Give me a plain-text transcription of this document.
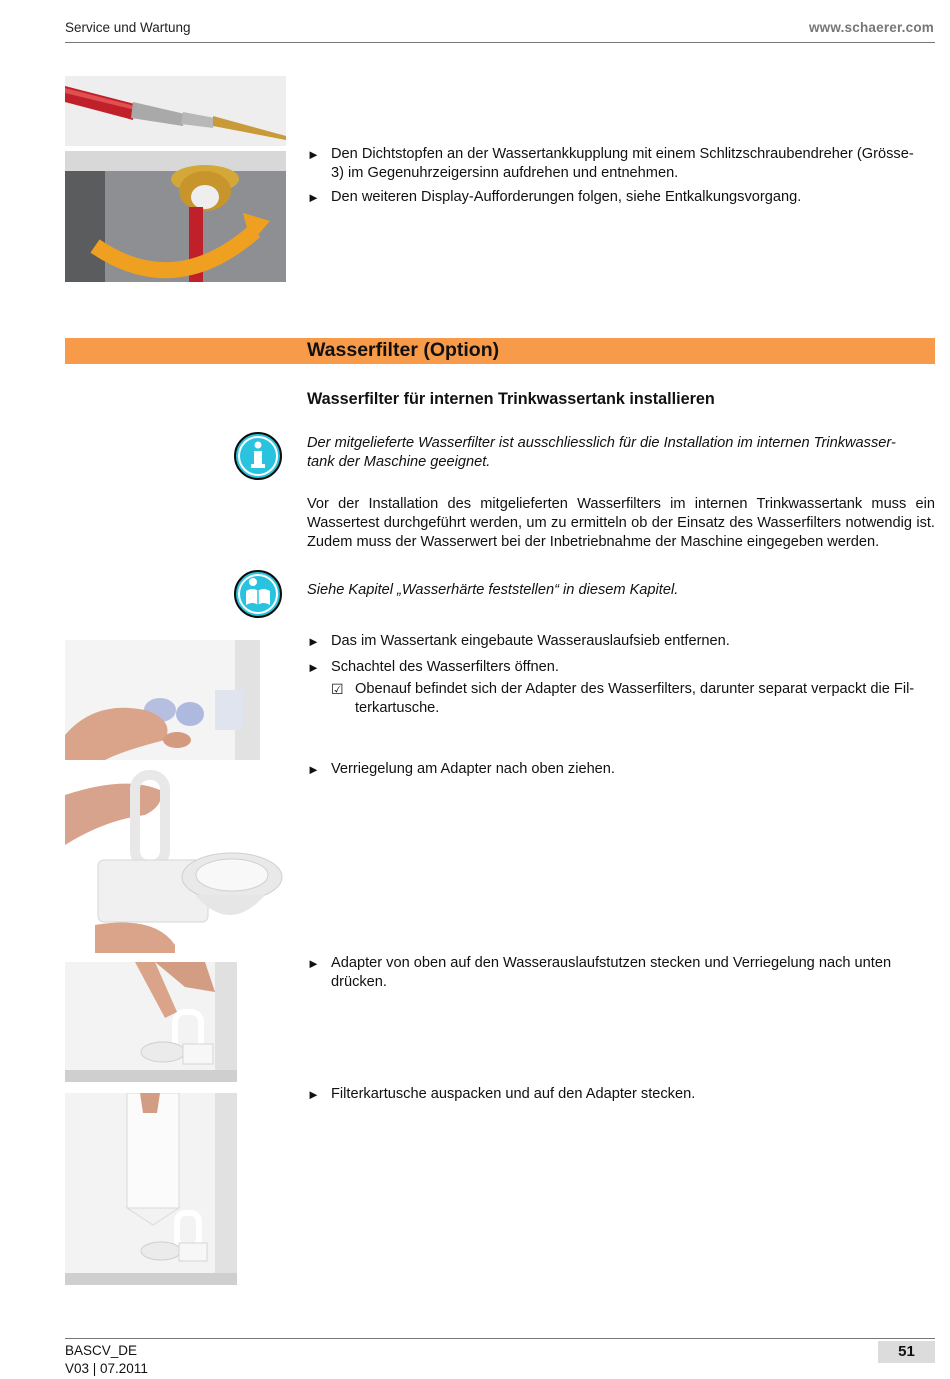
Service und Wartung	www.schaerer.com
► Den Dichtstopfen an der Wassertankkupplung mit einem Schlitzschraubendreher (Grösse-
3) im Gegenuhrzeigersinn aufdrehen und entnehmen.
► Den weiteren Display-Aufforderungen folgen, siehe Entkalkungsvorgang.
Wasserfilter (Option)
Wasserfilter für internen Trinkwassertank installieren
Der mitgelieferte Wasserfilter ist ausschliesslich für die Installation im internen Trinkwasser-
tank der Maschine geeignet.
Vor der Installation des mitgelieferten Wasserfilters im internen Trinkwassertank muss ein Wassertest durchgeführt werden, um zu ermitteln ob der Einsatz des Wasserfilters notwendig ist. Zudem muss der Wasserwert bei der Inbetriebnahme der Maschine eingegeben werden.
Siehe Kapitel „Wasserhärte feststellen“ in diesem Kapitel.
► Das im Wassertank eingebaute Wasserauslaufsieb entfernen.
► Schachtel des Wasserfilters öffnen.
☑ Obenauf befindet sich der Adapter des Wasserfilters, darunter separat verpackt die Fil-
terkartusche.
► Verriegelung am Adapter nach oben ziehen.
► Adapter von oben auf den Wasserauslaufstutzen stecken und Verriegelung nach unten
drücken.
► Filterkartusche auspacken und auf den Adapter stecken.
BASCV_DE
V03 | 07.2011
51
